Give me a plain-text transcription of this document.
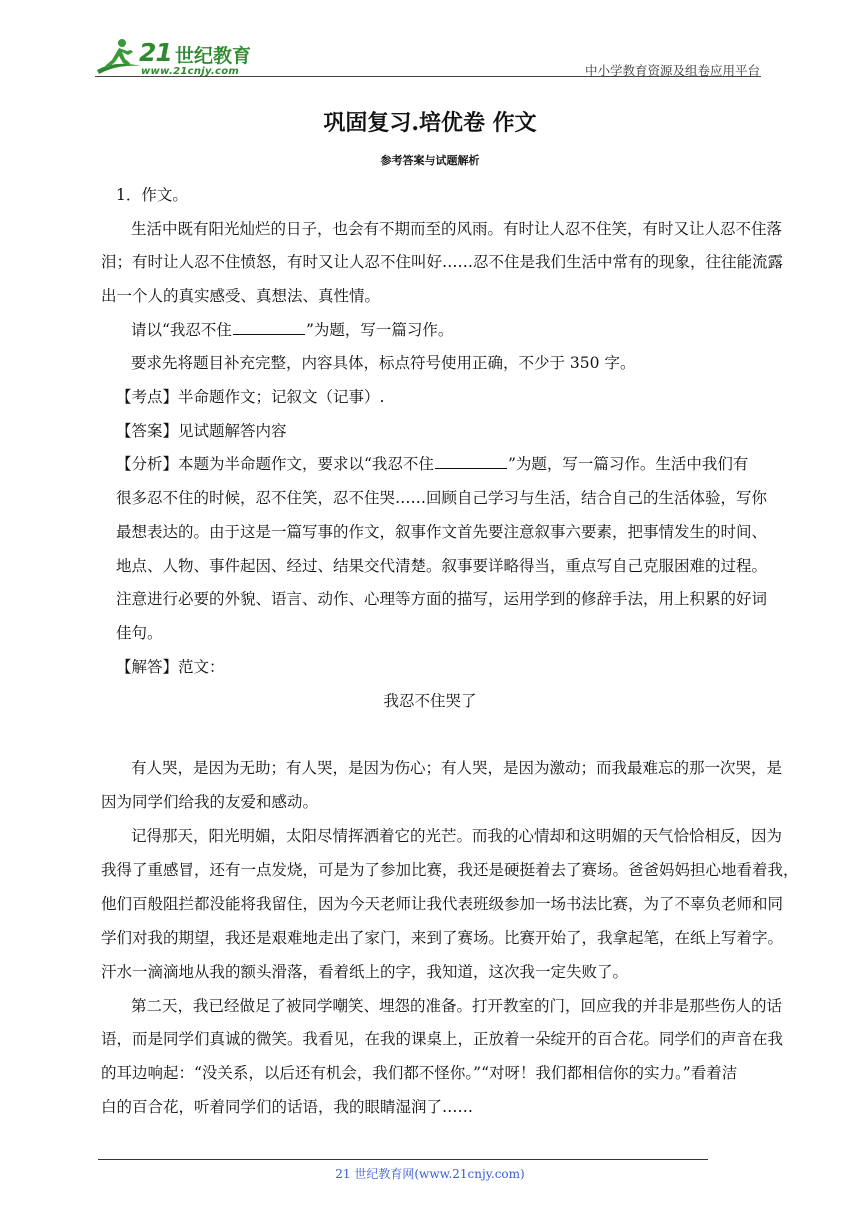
21 世纪教育
www.21cnjy.com	中小学教育资源及组卷应用平台
巩固复习.培优卷 作文
参考答案与试题解析
1．作文。
生活中既有阳光灿烂的日子，也会有不期而至的风雨。有时让人忍不住笑，有时又让人忍不住落
泪；有时让人忍不住愤怒，有时又让人忍不住叫好……忍不住是我们生活中常有的现象，往往能流露
出一个人的真实感受、真想法、真性情。
请以“我忍不住	”为题，写一篇习作。
要求先将题目补充完整，内容具体，标点符号使用正确，不少于 350 字。
【考点】半命题作文；记叙文（记事）.
【答案】见试题解答内容
【分析】本题为半命题作文，要求以“我忍不住	”为题，写一篇习作。生活中我们有
很多忍不住的时候，忍不住笑，忍不住哭……回顾自己学习与生活，结合自己的生活体验，写你
最想表达的。由于这是一篇写事的作文，叙事作文首先要注意叙事六要素，把事情发生的时间、
地点、人物、事件起因、经过、结果交代清楚。叙事要详略得当，重点写自己克服困难的过程。
注意进行必要的外貌、语言、动作、心理等方面的描写，运用学到的修辞手法，用上积累的好词
佳句。
【解答】范文：
我忍不住哭了
有人哭，是因为无助；有人哭，是因为伤心；有人哭，是因为激动；而我最难忘的那一次哭，是
因为同学们给我的友爱和感动。
记得那天，阳光明媚，太阳尽情挥洒着它的光芒。而我的心情却和这明媚的天气恰恰相反，因为
我得了重感冒，还有一点发烧，可是为了参加比赛，我还是硬挺着去了赛场。爸爸妈妈担心地看着我，
他们百般阻拦都没能将我留住，因为今天老师让我代表班级参加一场书法比赛，为了不辜负老师和同
学们对我的期望，我还是艰难地走出了家门，来到了赛场。比赛开始了，我拿起笔，在纸上写着字。
汗水一滴滴地从我的额头滑落，看着纸上的字，我知道，这次我一定失败了。
第二天，我已经做足了被同学嘲笑、埋怨的准备。打开教室的门，回应我的并非是那些伤人的话
语，而是同学们真诚的微笑。我看见，在我的课桌上，正放着一朵绽开的百合花。同学们的声音在我
的耳边响起：“没关系，以后还有机会，我们都不怪你。”“对呀！我们都相信你的实力。”看着洁
白的百合花，听着同学们的话语，我的眼睛湿润了……
21 世纪教育网(www.21cnjy.com)
